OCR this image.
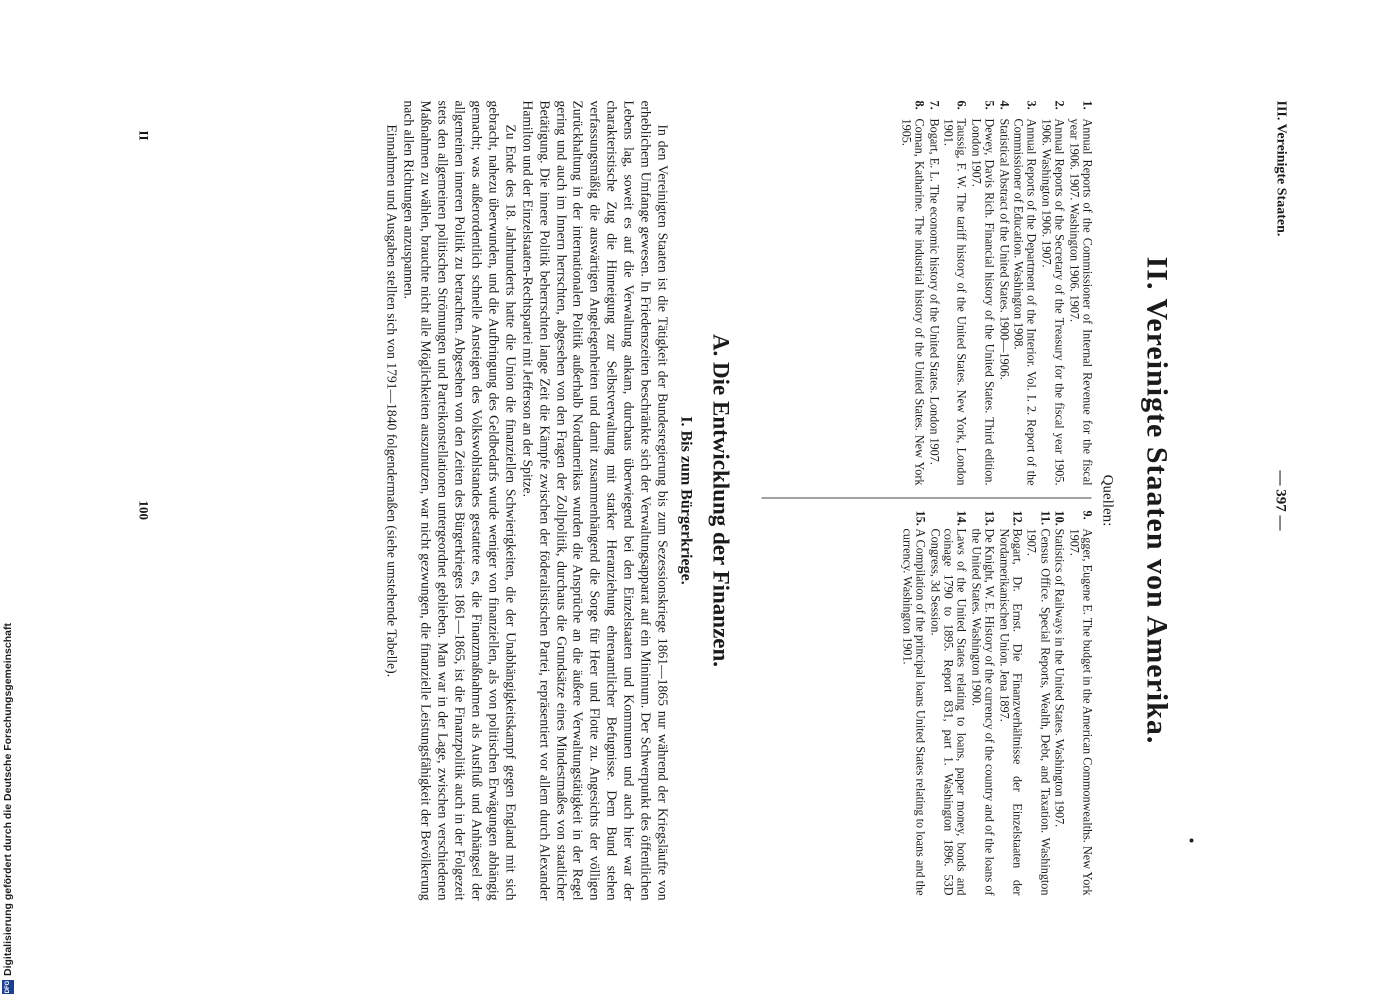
DFG
Digitalisierung gefördert durch die Deutsche Forschungsgemeinschaft
III. Vereinigte Staaten.
— 397 —
II. Vereinigte Staaten von Amerika.
Quellen:
1.
Annual Reports of the Commissioner of Internal Revenue for the fiscal year 1906. 1907. Washington 1906. 1907.
2.
Annual Reports of the Secretary of the Treasury for the fiscal year 1905. 1906. Washington 1906. 1907.
3.
Annual Reports of the Department of the Interior. Vol. I. 2. Report of the Commissioner of Education. Washington 1908.
4.
Statistical Abstract of the United States. 1900—1906.
5.
Dewey, Davis Rich. Financial history of the United States. Third edition. London 1907.
6.
Taussig, F. W. The tariff history of the United States. New York, London 1901.
7.
Bogart, E. L. The economic history of the United States. London 1907.
8.
Coman, Katharine. The industrial history of the United States. New York 1905.
9.
Agger, Eugene E. The budget in the American Commonwealths. New York 1907.
10.
Statistics of Railways in the United States. Washington 1907.
11.
Census Office. Special Reports, Wealth, Debt, and Taxation. Washington 1907.
12.
Bogart, Dr. Ernst. Die Finanzverhältnisse der Einzelstaaten der Nordamerikanischen Union. Jena 1897.
13.
De Knight, W. E. History of the currency of the country and of the loans of the United States. Washington 1900.
14.
Laws of the United States relating to loans, paper money, bonds and coinage 1790 to 1895. Report 831, part 1. Washington 1896. 53D Congress, 3d Session.
15.
A Compilation of the principal loans United States relating to loans and the currency. Washington 1901.
A. Die Entwicklung der Finanzen.
I. Bis zum Bürgerkriege.

In den Vereinigten Staaten ist die Tätigkeit der Bundesregierung bis zum Sezessionskriege 1861—1865 nur während der Kriegsläufte von erheblichem Umfange gewesen. In Friedenszeiten beschränkte sich der Verwaltungsapparat auf ein Minimum. Der Schwerpunkt des öffentlichen Lebens lag, soweit es auf die Verwaltung ankam, durchaus überwiegend bei den Einzelstaaten und Kommunen und auch hier war der charakteristische Zug die Hinneigung zur Selbstverwaltung mit starker Heranziehung ehrenamtlicher Befugnisse. Dem Bund stehen verfassungsmäßig die auswärtigen Angelegenheiten und damit zusammenhängend die Sorge für Heer und Flotte zu. Angesichts der völligen Zurückhaltung in der internationalen Politik außerhalb Nordamerikas wurden die Ansprüche an die äußere Verwaltungstätigkeit in der Regel gering und auch im Innern herrschten, abgesehen von den Fragen der Zollpolitik, durchaus die Grundsätze eines Mindestmaßes von staatlicher Betätigung. Die innere Politik beherrschten lange Zeit die Kämpfe zwischen der föderalistischen Partei, repräsentiert vor allem durch Alexander Hamilton und der Einzelstaaten-Rechtspartei mit Jefferson an der Spitze.

Zu Ende des 18. Jahrhunderts hatte die Union die finanziellen Schwierigkeiten, die der Unabhängigkeitskampf gegen England mit sich gebracht, nahezu überwunden, und die Aufbringung des Geldbedarfs wurde weniger von finanziellen, als von politischen Erwägungen abhängig gemacht; was außerordentlich schnelle Ansteigen des Volkswohlstandes gestattete es, die Finanzmaßnahmen als Ausfluß und Anhängsel der allgemeinen inneren Politik zu betrachten. Abgesehen von den Zeiten des Bürgerkrieges 1861—1865, ist die Finanzpolitik auch in der Folgezeit stets den allgemeinen politischen Strömungen und Parteikonstellationen untergeordnet geblieben. Man war in der Lage, zwischen verschiedenen Maßnahmen zu wählen, brauchte nicht alle Möglichkeiten auszunutzen, war nicht gezwungen, die finanzielle Leistungsfähigkeit der Bevölkerung nach allen Richtungen anzuspannen.

Einnahmen und Ausgaben stellten sich von 1791—1840 folgendermaßen (siehe umstehende Tabelle).

II
100
